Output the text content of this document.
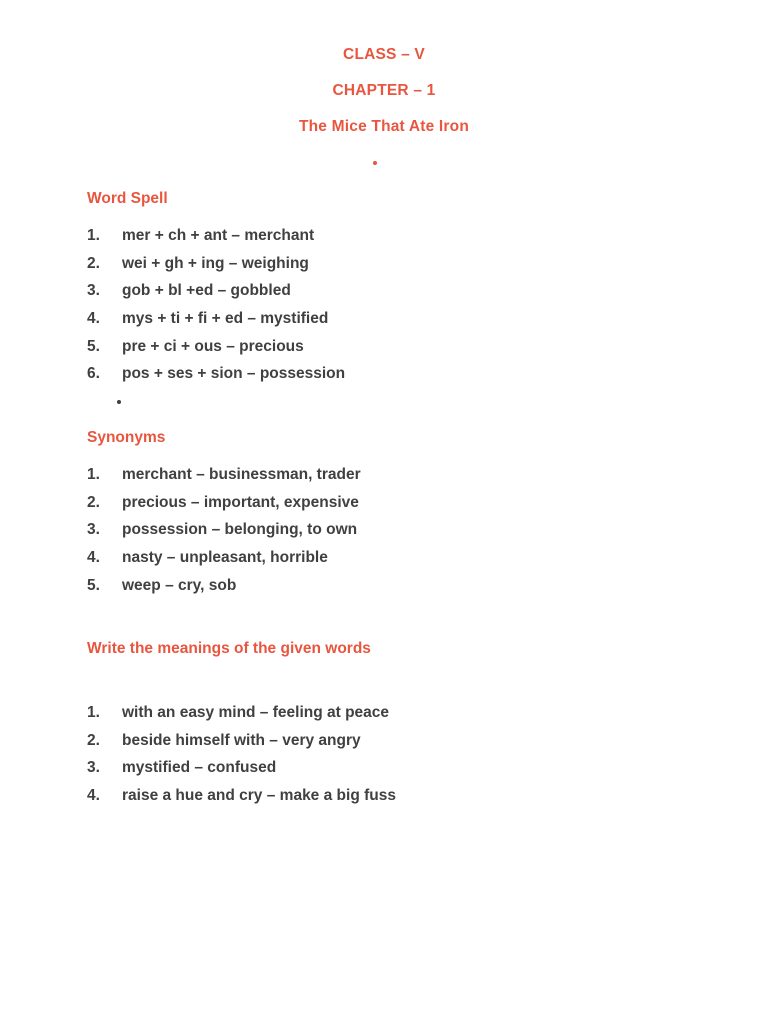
CLASS – V
CHAPTER – 1
The Mice That Ate Iron
Word Spell
1.	mer + ch + ant – merchant
2.	wei + gh + ing – weighing
3.	gob + bl +ed – gobbled
4.	mys + ti + fi + ed – mystified
5.	pre + ci + ous – precious
6.	pos + ses + sion – possession
Synonyms
1.	merchant – businessman, trader
2.	precious – important, expensive
3.	possession – belonging, to own
4.	nasty – unpleasant, horrible
5.	weep – cry, sob
Write the meanings of the given words
1.	with an easy mind – feeling at peace
2.	beside himself with – very angry
3.	mystified – confused
4.	raise a hue and cry – make a big fuss
